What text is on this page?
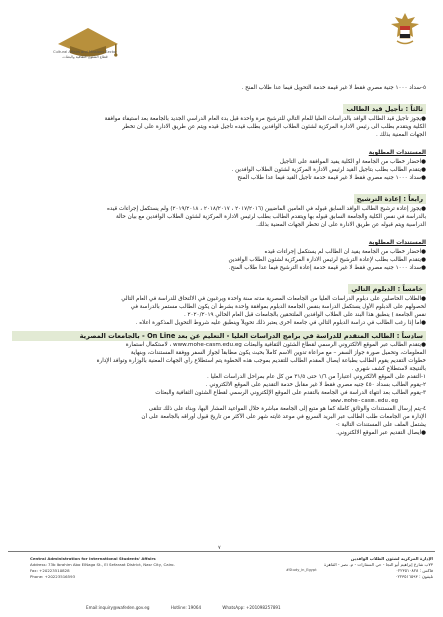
Cultural Affairs and Missions Sector
قطاع الشئون الثقافية والبعثات
٥-سداد ١٠٠٠ جنية مصري فقط لا غير قيمة خدمة التحويل فيما عدا طلاب المنح .
ثالثاً : تأجيل قيد الطالب
●يجوز تأجيل قيد الطالب الوافد بالدراسات العليا للعام التالي للترشيح مرة واحدة قبل بدء العام الدراسي الجديد بالجامعة بعد استيفاء موافقة
الكلية ويتقدم بطلب الى رئيس الادارة المركزية لشئون الطلاب الوافدين بطلب قيده تأجيل قيده ويتم عن طريق الادارة على أن تخطر
الجهات المعنية بذلك .
المستندات المطلوبة
●احضار خطاب من الجامعة او الكلية يفيد الموافقة على التأجيل
●يتقدم الطالب بطلب بتأجيل القيد لرئيس الادارة المركزية لشئون الطلاب الوافدين .
●سداد ١٠٠٠ جنيه مصري فقط لا غير قيمة خدمة تأجيل القيد فيما عدا طلاب المنح
رابعاً : إعادة الترشيح
●يجوز إعادة ترشيح الطالب الوافد السابق قبوله في العامين الماضيين (٢٠١٧/٢٠١٦ ، ٢٠١٨/٢٠١٧ ، ٢٠١٩/٢٠١٨) ولم يستكمل إجراءات قيده
بالدراسة في نفس الكلية والجامعة السابق قبوله بها ويتقدم الطالب بطلب لرئيس الادارة المركزية لشئون الطلاب الوافدين مع بيان حالة
الدراسية ويتم قبوله عن طريق الادارة على أن تخطر الجهات المعنية بذلك.
المستندات المطلوبة
●احضار خطاب من الجامعة يفيد أن الطالب لم يستكمل إجراءات قيده
●يتقدم الطالب بطلب لإعادة الترشيح لرئيس الادارة المركزية لشئون الطلاب الوافدين
●سداد ١٠٠٠ جنيه مصري فقط لا غير قيمة خدمة إعادة الترشيح فيما عدا طلاب المنح.
خامساً : الدبلوم التالي
●الطلاب الحاصلين على دبلوم الدراسات العليا من الجامعات المصرية مدته سنة واحدة ويرغبون في الالتحاق للدراسة في العام التالي
لحصولهم على الدبلوم الأول يستكمل الدراسة بنفس الجامعة الدبلوم بموافقة واحدة بشرط أن يكون الطالب مستمر بالدراسة في
نفس الجامعة ) ينطبق هذا البند على الطلاب الوافدين الملتحقين بالجامعات قبل العام الحالي ٢٠٢٠/٢٠١٩ .
●اما إذا رغب الطالب في دراسة الدبلوم التالي في جامعة أخرى يعتبر ذلك تحويلاً وينطبق عليه شروط التحويل المذكورة اعلاه .
سادساً : الطالب المتقدم للدراسة في برامج الدراسات العليا - التعليم عن بعد On Line - بالجامعات المصرية
●يتقدم الطالب عبر الموقع الالكتروني الرسمي لقطاع الشئون الثقافية والبعثات www.mohe-casm.edu.eg ، لاستكمال استمارة
المعلومات، وتحميل صورة جواز السفر – مع مراعاة تدوين الاسم كاملاً بحيث يكون مطابقاً لجواز السفر ووفقة المستندات، وبنهاية
خطوات التقديم يقوم الطالب بطباعة ايصال المقدم الطالب للتقديم بموجب هذه الخطوة يتم استطلاع رأي الجهات المعنية بالوزارة وتوافد الإدارة
بالنتيجة لاستطلاع كشف شهري .
١-التقدم على الموقع الالكتروني اعتباراً من ١/٦ حتى ٣١/٥ من كل عام بمراحل الدراسات العليا .
٢-يقوم الطالب بسداد ٤٥٠ جنيه مصري فقط لا غير مقابل خدمة التقديم على الموقع الالكتروني .
٣-يقوم الطالب بعد انتهاء الدراسة في الجامعة بالتقدم على الموقع الإلكتروني الرسمي لقطاع الشئون الثقافية والبعثات
www.mohe-casm.edu.eg
٤-يتم إرسال المستندات والوثائق كاملة كما هو متبع إلى الجامعة مباشرة خلال المواعيد المشار اليها، وبناء على ذلك تتلقى
الإدارة من الجامعات طلب الطالب عبر البريد السريع في موعد غايته شهر على الأكثر من تاريخ قبول أوراقه بالجامعة على أن
يشتمل الملف على المستندات التالية :-
●ايصال التقديم عبر الموقع الالكتروني.
٧
Central Administration for International Students' Affairs
Address: 73b Ibrahim Abo ElNaga St., El Sefaraat District, Nasr City, Cairo.
Fax: +20223510828
Phone: +20223516593
الإدارة المركزية لشئون الطلاب الوافدين
٧٣ب شارع إبراهيم أبو النجا - حي السفارات - م. نصر - القاهرة
فاكس : ٠٢٢٣٥١٠٨٢٨
تليفون : ٠٢٢٣٥١٦٥٩٣
#Study_in_Egypt
Email:inquiry@wafeden.gov.eg	Hotline: 19064	WhatsApp: +201098257891
